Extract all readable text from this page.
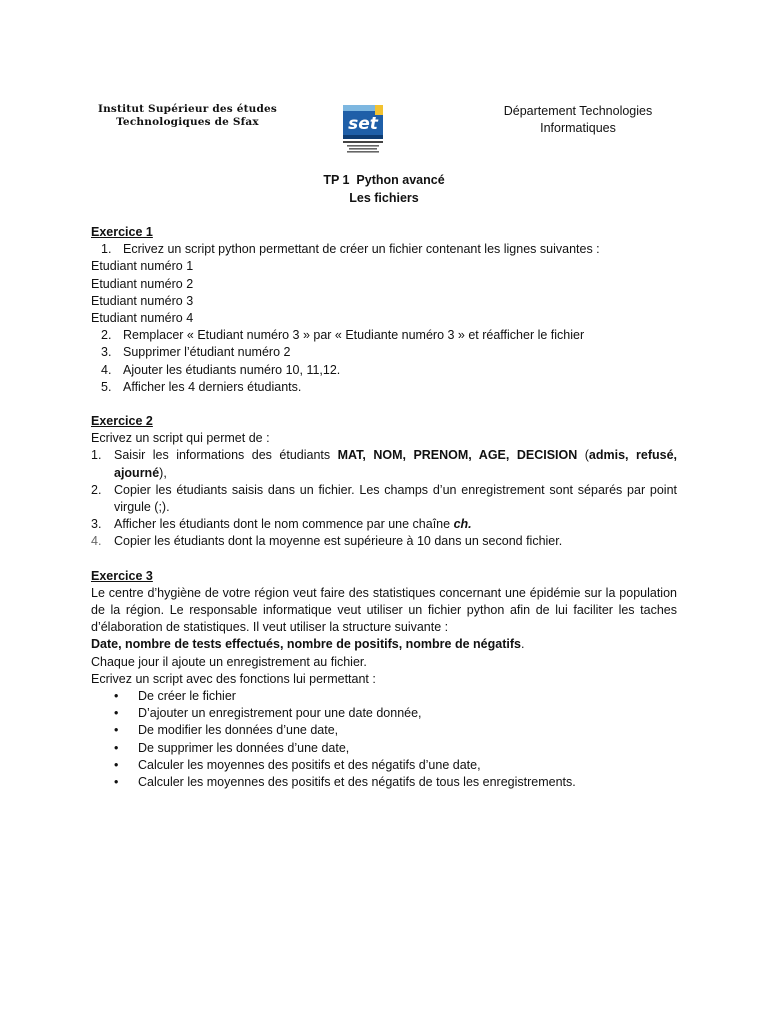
Institut Supérieur des études
Technologiques de Sfax	set
Département Technologies
Informatiques
TP 1  Python avancé
Les fichiers
Exercice 1
1. Ecrivez un script python permettant de créer un fichier contenant les lignes suivantes :
Etudiant numéro 1
Etudiant numéro 2
Etudiant numéro 3
Etudiant numéro 4
2. Remplacer « Etudiant numéro 3 » par « Etudiante numéro 3 » et réafficher le fichier
3. Supprimer l’étudiant numéro 2
4. Ajouter les étudiants numéro 10, 11,12.
5. Afficher les 4 derniers étudiants.
Exercice 2
Ecrivez un script qui permet de :
1. Saisir les informations des étudiants MAT, NOM, PRENOM, AGE, DECISION (admis, refusé, ajourné),
2. Copier les étudiants saisis dans un fichier. Les champs d’un enregistrement sont séparés par point virgule (;).
3. Afficher les étudiants dont le nom commence par une chaîne ch.
4. Copier les étudiants dont la moyenne est supérieure à 10 dans un second fichier.
Exercice 3
Le centre d’hygiène de votre région veut faire des statistiques concernant une épidémie sur la population de la région. Le responsable informatique veut utiliser un fichier python afin de lui faciliter les taches d’élaboration de statistiques. Il veut utiliser la structure suivante :
Date, nombre de tests effectués, nombre de positifs, nombre de négatifs.
Chaque jour il ajoute un enregistrement au fichier.
Ecrivez un script avec des fonctions lui permettant :
• De créer le fichier
• D’ajouter un enregistrement pour une date donnée,
• De modifier les données d’une date,
• De supprimer les données d’une date,
• Calculer les moyennes des positifs et des négatifs d’une date,
• Calculer les moyennes des positifs et des négatifs de tous les enregistrements.
